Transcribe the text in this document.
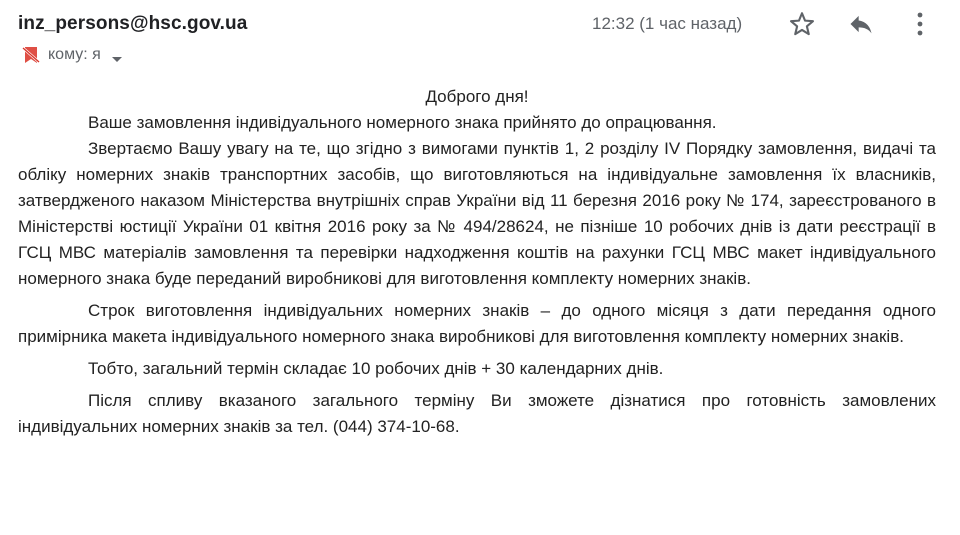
inz_persons@hsc.gov.ua
кому: я
12:32 (1 час назад)
Доброго дня!

Ваше замовлення індивідуального номерного знака прийнято до опрацювання.

Звертаємо Вашу увагу на те, що згідно з вимогами пунктів 1, 2 розділу IV Порядку замовлення, видачі та обліку номерних знаків транспортних засобів, що виготовляються на індивідуальне замовлення їх власників, затвердженого наказом Міністерства внутрішніх справ України від 11 березня 2016 року № 174, зареєстрованого в Міністерстві юстиції України 01 квітня 2016 року за № 494/28624, не пізніше 10 робочих днів із дати реєстрації в ГСЦ МВС матеріалів замовлення та перевірки надходження коштів на рахунки ГСЦ МВС макет індивідуального номерного знака буде переданий виробникові для виготовлення комплекту номерних знаків.

Строк виготовлення індивідуальних номерних знаків – до одного місяця з дати передання одного примірника макета індивідуального номерного знака виробникові для виготовлення комплекту номерних знаків.

Тобто, загальний термін складає 10 робочих днів + 30 календарних днів.

Після спливу вказаного загального терміну Ви зможете дізнатися про готовність замовлених індивідуальних номерних знаків за тел. (044) 374-10-68.
